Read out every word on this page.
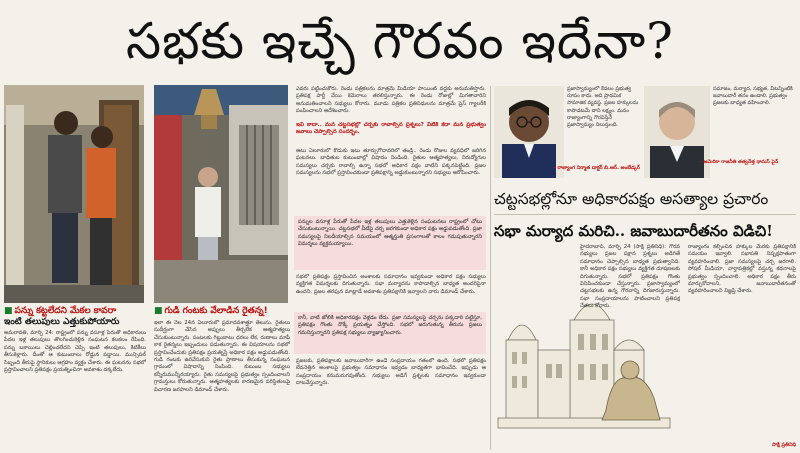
సభకు ఇచ్చే గౌరవం ఇదేనా?
■ పన్ను కట్టలేదని మేకల కావరా
ఇంటి తలుపులు ఎత్తుకుపోయారు
అమరావతి, మార్చి 24: రాష్ట్రంలో పన్ను వసూళ్ల పేరుతో అధికారులు పేదల ఇళ్ల తలుపులు తొలగించుకెళ్లిన సంఘటన కలకలం రేపింది. పన్ను బకాయిలు చెల్లించలేదని చెప్పి ఇంటి తలుపులు, కిటికీలు తీసుకెళ్లారు. దీంతో ఆ కుటుంబాలు రోడ్డున పడ్డాయి. మున్సిపల్ సిబ్బంది తీరుపై స్థానికులు ఆగ్రహం వ్యక్తం చేశారు. ఈ ఘటనను సభలో ప్రస్తావించాలని ప్రతిపక్షం ప్రయత్నించినా అవకాశం దక్కలేదు.
■ గుడి గంటకు వేలాడిన రైతన్న!
ఇలా ఈ నెల 24న ఏలూరులో ప్రమాదవశాత్తూ తెలుసు. రైతులు సుదీర్ఘంగా చేసిన అప్పులు తీర్చలేక ఆత్మహత్యలు చేసుకుంటున్నారు. పంటలకు గిట్టుబాటు ధరలు లేక, రుణాలు మాఫీ కాక రైతన్నలు ఇబ్బందులు పడుతున్నారు. ఈ విషయాలను సభలో ప్రస్తావించేందుకు ప్రతిపక్షం ప్రయత్నిస్తే అధికార పక్షం అడ్డుపడుతోంది. గుడి గంటకు ఉరివేసుకుని రైతు ప్రాణాలు తీసుకున్న సంఘటన గ్రామంలో విషాదాన్ని నింపింది. కుటుంబ సభ్యులు కన్నీరుమున్నీరయ్యారు. రైతు సమస్యలపై ప్రభుత్వం స్పందించాలని గ్రామస్తులు కోరుతున్నారు. ఆత్మహత్యలకు కారణమైన పరిస్థితులపై విచారణ జరపాలని డిమాండ్ చేశారు.
ఎవరు పట్టించుకోరు. రెండు పత్రికలను మాత్రమే మీడియా పాయింట్ వద్దకు అనుమతిస్తారు. ప్రతిపక్ష పార్టీ వేయి కెమెరాలు తరలిస్తున్నారు. ఈ రెండు రోజుల్లో మిగతావారిని అనుమతించాలని సభ్యులు కోరారు. మూడు పత్రికల ప్రతినిధులను మాత్రమే ప్రెస్ గ్యాలరీకి పంపించాలని ఆదేశించారు.
ఇవి కాదా.. మన చట్టసభల్లో చర్చకు రావాల్సిన ప్రశ్నలు? వీటికి కదా మన ప్రభుత్వం జవాబు చెప్పాల్సిన సందర్భం.
ఆటు ఏలూరులో కొడుకు ఇటు తూర్పుగోదావరిలో తండ్రి.. రెండు రోజుల వ్యవధిలో జరిగిన ఘటనలు. బాధితుల కుటుంబాల్లో విషాదం నిండింది. రైతుల ఆత్మహత్యలు, నిరుద్యోగుల సమస్యలు చర్చకు రావాల్సి ఉన్నా సభలో అధికార పక్షం వాటిని పక్కనపెట్టింది. ప్రజల సమస్యలను సభలో ప్రస్తావించకుండా ప్రతిపక్షాన్ని అడ్డుకుంటున్నారని సభ్యులు ఆరోపించారు.
పన్నుల వసూళ్ల పేరుతో పేదల ఇళ్ల తలుపులు ఎత్తుకెళ్లిన సంఘటనలు రాష్ట్రంలో చోటు చేసుకుంటున్నాయి. చట్టసభలో వీటిపై చర్చ జరగకుండా అధికార పక్షం అడ్డుపడుతోంది. ప్రజా సమస్యలపై నిలదీయాల్సిన సమయంలో ఆత్మస్తుతి ప్రసంగాలతో కాలం గడుపుతున్నారని విమర్శలు వ్యక్తమయ్యాయి.
సభలో ప్రతిపక్షం ప్రస్తావించిన అంశాలకు సమాధానం ఇవ్వకుండా అధికార పక్షం సభ్యులు వ్యక్తిగత విమర్శలకు దిగుతున్నారు. సభా మర్యాదను కాపాడాల్సిన బాధ్యత అందరిపైనా ఉందని, ప్రజల తరఫున మాట్లాడే అవకాశం ప్రతిపక్షానికి ఇవ్వాలని వారు డిమాండ్ చేశారు.
కానీ, వాటి జోలికి అధికారపక్షం వెళ్లడం లేదు. ప్రజా సమస్యలపై చర్చను పక్కదారి పట్టిస్తూ, ప్రతిపక్షం గొంతు నొక్కే ప్రయత్నం చేస్తోంది. సభలో జరుగుతున్న తీరును ప్రజలు గమనిస్తున్నారని ప్రతిపక్ష సభ్యులు వ్యాఖ్యానించారు.
ప్రజలకు, ప్రతిపక్షాలకు జవాబుదారీగా ఉండే సంప్రదాయం గతంలో ఉంది. సభలో ప్రతిపక్షం లేవనెత్తిన అంశాలపై ప్రభుత్వం సమాధానం ఇవ్వడం బాధ్యతగా భావించేది. ఇప్పుడు ఆ సంప్రదాయం కనుమరుగవుతోంది. సభ్యులు అడిగే ప్రశ్నలకు సమాధానం ఇవ్వకుండా దాటవేస్తున్నారు.
ప్రజాస్వామ్యంలో కేవలం ప్రభుత్వ రూపం కాదు. అది ప్రాథమిక సామాజిక వ్యవస్థ. ప్రజల హక్కులను కాపాడటమే దాని లక్ష్యం. మనం రాజ్యాంగాన్ని గౌరవిస్తేనే ప్రజాస్వామ్యం నిలుస్తుంది.
- రాజ్యాంగ నిర్మాత డాక్టర్ బి.ఆర్. అంబేడ్కర్
సమాజం, మర్యాద, సభ్యత, వీటన్నింటికీ జవాబుదారీ తనం ఉండాలి. ప్రభుత్వం ప్రజలకు బాధ్యత వహించాలి.
- అమెరికా రాజనీతి తత్వవేత్త థామస్ పైన్
చట్టసభల్లోనూ అధికారపక్షం అసత్యాల ప్రచారం
సభా మర్యాద మరిచి.. జవాబుదారీతనం విడిచి!
హైదరాబాద్, మార్చి 24 (సాక్షి ప్రతినిధి): గౌరవ సభ్యులు ప్రజల పక్షాన ప్రశ్నలు అడిగితే సమాధానం చెప్పాల్సిన బాధ్యత ప్రభుత్వానిది. కానీ అధికార పక్షం సభ్యులు వ్యక్తిగత దూషణలకు దిగుతున్నారు. సభలో ప్రతిపక్షం గొంతు వినిపించకుండా చేస్తున్నారు. ప్రజాస్వామ్యంలో చట్టసభలకు ఉన్న గౌరవాన్ని దిగజారుస్తున్నారు. సభా సంప్రదాయాలను పాటించాలని ప్రతిపక్ష నేతలు కోరారు.
రాజ్యాంగం కల్పించిన హక్కుల మేరకు ప్రతిపక్షానికి సమయం ఇవ్వాలి. సభాపతి నిష్పక్షపాతంగా వ్యవహరించాలి. ప్రజా సమస్యలపై చర్చ జరగాలి. సోషల్ మీడియా, వార్తాపత్రికల్లో వస్తున్న కథనాలపై ప్రభుత్వం స్పందించాలి. అధికార పక్షం తీరు మార్చుకోవాలని, జవాబుదారీతనంతో వ్యవహరించాలని విజ్ఞప్తి చేశారు.
సాక్షి ప్రతినిధి
